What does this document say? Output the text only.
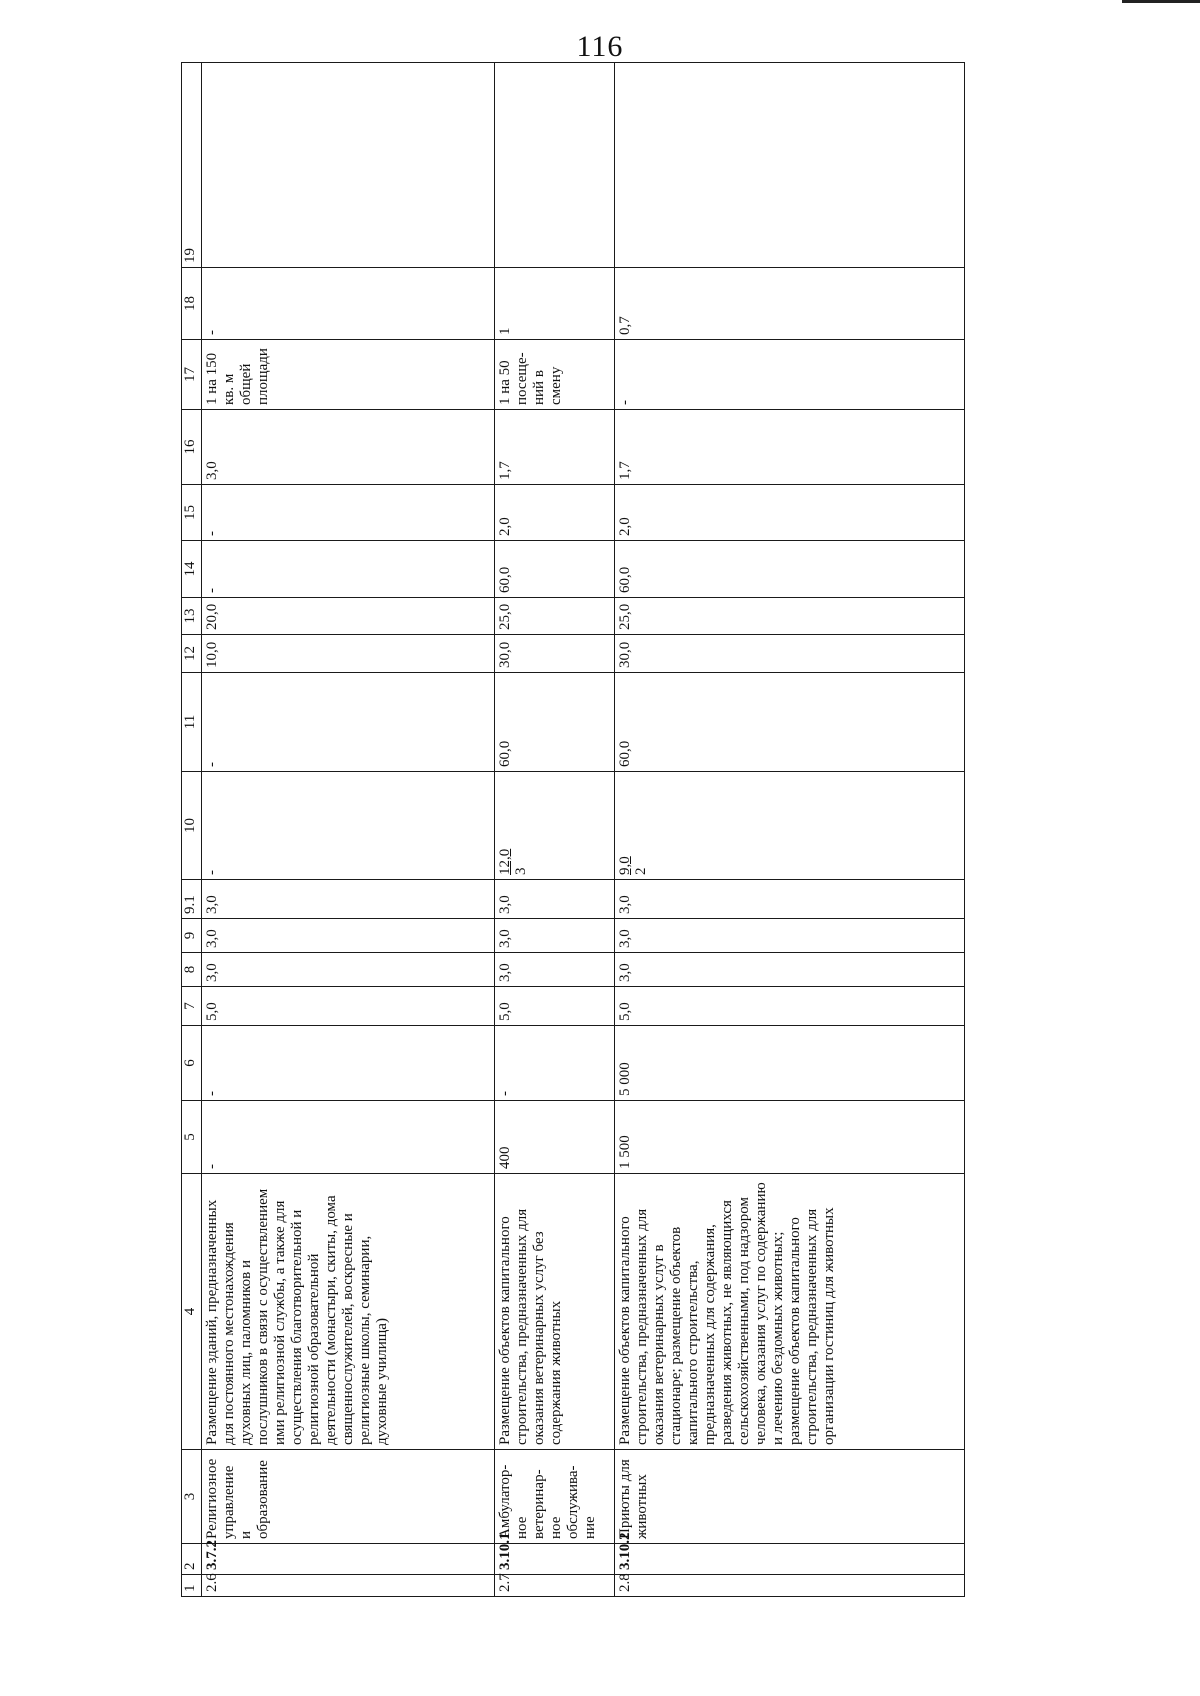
116
1	2	3	4	5	6	7	8	9	9.1	10	11	12	13	14	15	16	17	18	19
2.6	3.7.2	Религиозное управление и образование	Размещение зданий, предназначенных для постоянного местонахождения духовных лиц, паломников и послушников в связи с осуществлением ими религиозной службы, а также для осуществления благотворительной и религиозной образовательной деятельности (монастыри, скиты, дома священнослужителей, воскресные и религиозные школы, семинарии, духовные училища)	-	-	5,0	3,0	3,0	3,0	-	-	10,0	20,0	-	-	3,0	1 на 150 кв. м общей площади	-	
2.7	3.10.1	Амбулатор-ное ветеринар-ное обслужива-ние	Размещение объектов капитального строительства, предназначенных для оказания ветеринарных услуг без содержания животных	400	-	5,0	3,0	3,0	3,0	12,0 3	60,0	30,0	25,0	60,0	2,0	1,7	1 на 50 посеще-ний в смену	1	
2.8	3.10.2	Приюты для животных	Размещение объектов капитального строительства, предназначенных для оказания ветеринарных услуг в стационаре; размещение объектов капитального строительства, предназначенных для содержания, разведения животных, не являющихся сельскохозяйственными, под надзором человека, оказания услуг по содержанию и лечению бездомных животных; размещение объектов капитального строительства, предназначенных для организации гостиниц для животных	1 500	5 000	5,0	3,0	3,0	3,0	9,0 2	60,0	30,0	25,0	60,0	2,0	1,7	-	0,7	
